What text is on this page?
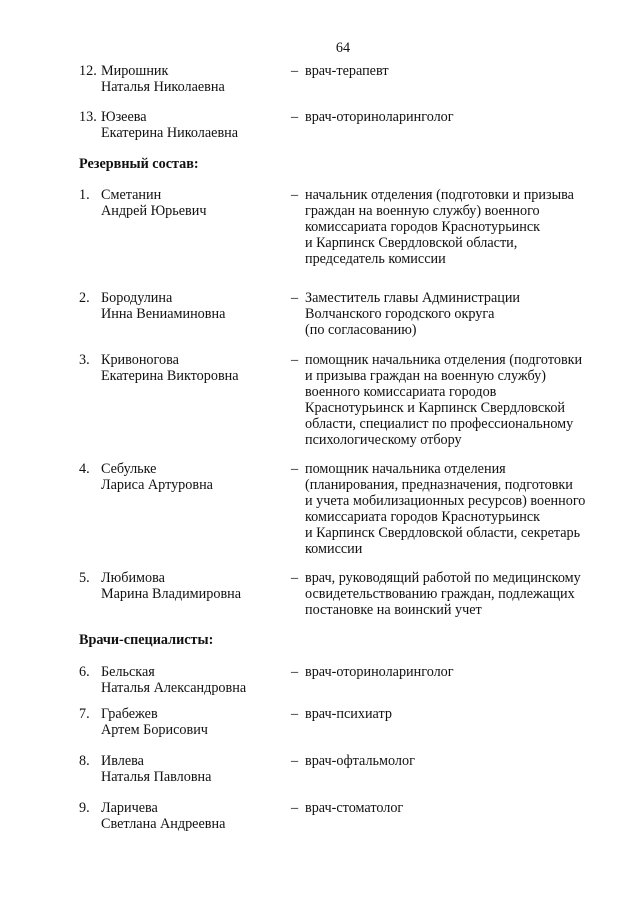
64
12. Мирошник
Наталья Николаевна
– врач-терапевт
13. Юзеева
Екатерина Николаевна
– врач-оториноларинголог
Резервный состав:
1. Сметанин
Андрей Юрьевич
– начальник отделения (подготовки и призыва
граждан на военную службу) военного
комиссариата городов Краснотурьинск
и Карпинск Свердловской области,
председатель комиссии
2. Бородулина
Инна Вениаминовна
– Заместитель главы Администрации
Волчанского городского округа
(по согласованию)
3. Кривоногова
Екатерина Викторовна
– помощник начальника отделения (подготовки
и призыва граждан на военную службу)
военного комиссариата городов
Краснотурьинск и Карпинск Свердловской
области, специалист по профессиональному
психологическому отбору
4. Себульке
Лариса Артуровна
– помощник начальника отделения
(планирования, предназначения, подготовки
и учета мобилизационных ресурсов) военного
комиссариата городов Краснотурьинск
и Карпинск Свердловской области, секретарь
комиссии
5. Любимова
Марина Владимировна
– врач, руководящий работой по медицинскому
освидетельствованию граждан, подлежащих
постановке на воинский учет
Врачи-специалисты:
6. Бельская
Наталья Александровна
– врач-оториноларинголог
7. Грабежев
Артем Борисович
– врач-психиатр
8. Ивлева
Наталья Павловна
– врач-офтальмолог
9. Ларичева
Светлана Андреевна
– врач-стоматолог
